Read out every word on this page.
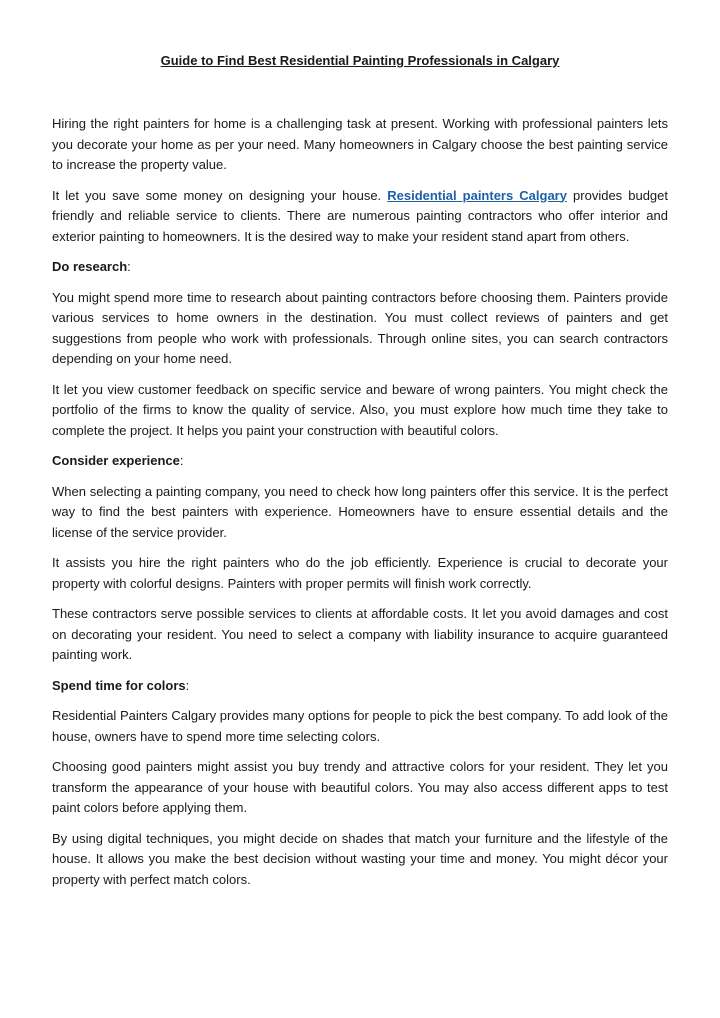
Guide to Find Best Residential Painting Professionals in Calgary

Hiring the right painters for home is a challenging task at present. Working with professional painters lets you decorate your home as per your need. Many homeowners in Calgary choose the best painting service to increase the property value.

It let you save some money on designing your house. Residential painters Calgary provides budget friendly and reliable service to clients. There are numerous painting contractors who offer interior and exterior painting to homeowners. It is the desired way to make your resident stand apart from others.

Do research:

You might spend more time to research about painting contractors before choosing them. Painters provide various services to home owners in the destination. You must collect reviews of painters and get suggestions from people who work with professionals. Through online sites, you can search contractors depending on your home need.

It let you view customer feedback on specific service and beware of wrong painters. You might check the portfolio of the firms to know the quality of service. Also, you must explore how much time they take to complete the project. It helps you paint your construction with beautiful colors.

Consider experience:

When selecting a painting company, you need to check how long painters offer this service. It is the perfect way to find the best painters with experience. Homeowners have to ensure essential details and the license of the service provider.

It assists you hire the right painters who do the job efficiently. Experience is crucial to decorate your property with colorful designs. Painters with proper permits will finish work correctly.

These contractors serve possible services to clients at affordable costs. It let you avoid damages and cost on decorating your resident. You need to select a company with liability insurance to acquire guaranteed painting work.

Spend time for colors:

Residential Painters Calgary provides many options for people to pick the best company. To add look of the house, owners have to spend more time selecting colors.

Choosing good painters might assist you buy trendy and attractive colors for your resident. They let you transform the appearance of your house with beautiful colors. You may also access different apps to test paint colors before applying them.

By using digital techniques, you might decide on shades that match your furniture and the lifestyle of the house. It allows you make the best decision without wasting your time and money. You might décor your property with perfect match colors.
